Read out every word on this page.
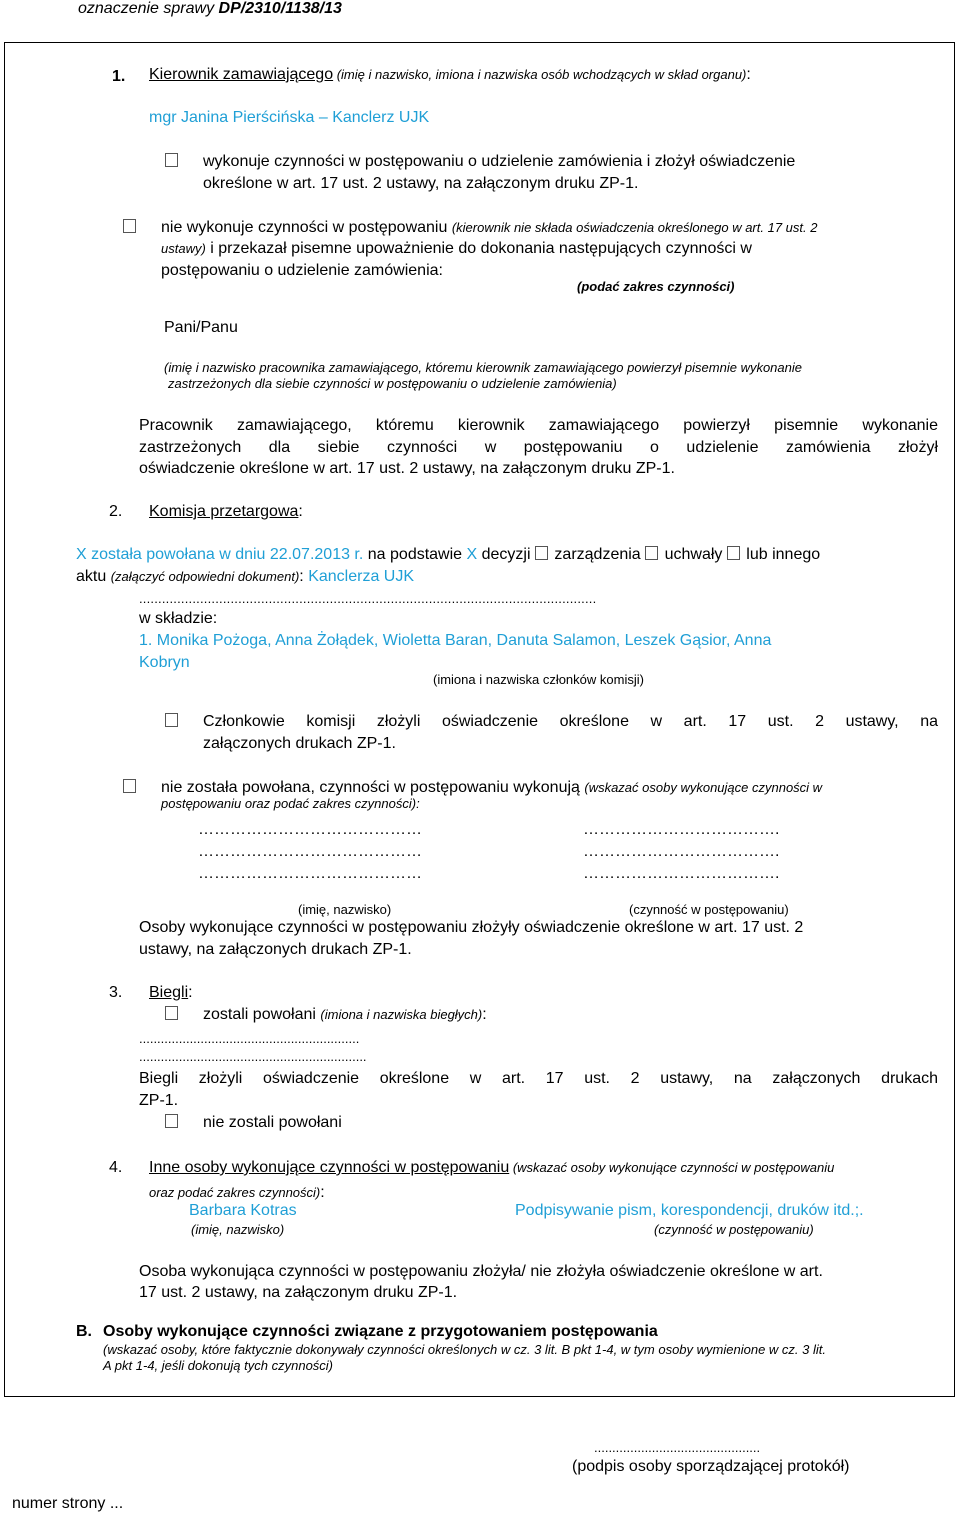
oznaczenie sprawy DP/2310/1138/13
1. Kierownik zamawiającego (imię i nazwisko, imiona i nazwiska osób wchodzących w skład organu):
mgr Janina Pierścińska – Kanclerz UJK
wykonuje czynności w postępowaniu o udzielenie zamówienia i złożył oświadczenie
określone w art. 17 ust. 2 ustawy, na załączonym druku ZP-1.
nie wykonuje czynności w postępowaniu (kierownik nie składa oświadczenia określonego w art. 17 ust. 2
ustawy) i przekazał pisemne upoważnienie do dokonania następujących czynności w
postępowaniu o udzielenie zamówienia:
(podać zakres czynności)
Pani/Panu
(imię i nazwisko pracownika zamawiającego, któremu kierownik zamawiającego powierzył pisemnie wykonanie
zastrzeżonych dla siebie czynności w postępowaniu o udzielenie zamówienia)
Pracownik zamawiającego, któremu kierownik zamawiającego powierzył pisemnie wykonanie
zastrzeżonych dla siebie czynności w postępowaniu o udzielenie zamówienia złożył
oświadczenie określone w art. 17 ust. 2 ustawy, na załączonym druku ZP-1.
2. Komisja przetargowa:
X została powołana w dniu 22.07.2013 r. na podstawie X decyzji  zarządzenia  uchwały  lub innego
aktu (załączyć odpowiedni dokument): Kanclerza UJK
........................................................................................................................
w składzie:
1. Monika Pożoga, Anna Żołądek, Wioletta Baran, Danuta Salamon, Leszek Gąsior, Anna
Kobryn
(imiona i nazwiska członków komisji)
Członkowie komisji złożyli oświadczenie określone w art. 17 ust. 2 ustawy, na
załączonych drukach ZP-1.
nie została powołana, czynności w postępowaniu wykonują (wskazać osoby wykonujące czynności w
postępowaniu oraz podać zakres czynności):
……………………………………	……………………………….
……………………………………	……………………………….
……………………………………	……………………………….
(imię, nazwisko)	(czynność w postępowaniu)
Osoby wykonujące czynności w postępowaniu złożyły oświadczenie określone w art. 17 ust. 2
ustawy, na załączonych drukach ZP-1.
3. Biegli:
zostali powołani (imiona i nazwiska biegłych):
.............................................................
...............................................................
Biegli złożyli oświadczenie określone w art. 17 ust. 2 ustawy, na załączonych drukach
ZP-1.
nie zostali powołani
4. Inne osoby wykonujące czynności w postępowaniu (wskazać osoby wykonujące czynności w postępowaniu
oraz podać zakres czynności):
Barbara Kotras	Podpisywanie pism, korespondencji, druków itd.;.
(imię, nazwisko)	(czynność w postępowaniu)
Osoba wykonująca czynności w postępowaniu złożyła/ nie złożyła oświadczenie określone w art.
17 ust. 2 ustawy, na załączonym druku ZP-1.
B. Osoby wykonujące czynności związane z przygotowaniem postępowania
(wskazać osoby, które faktycznie dokonywały czynności określonych w cz. 3 lit. B pkt 1-4, w tym osoby wymienione w cz. 3 lit.
A pkt 1-4, jeśli dokonują tych czynności)
..............................................
(podpis osoby sporządzającej protokół)
numer strony ...
